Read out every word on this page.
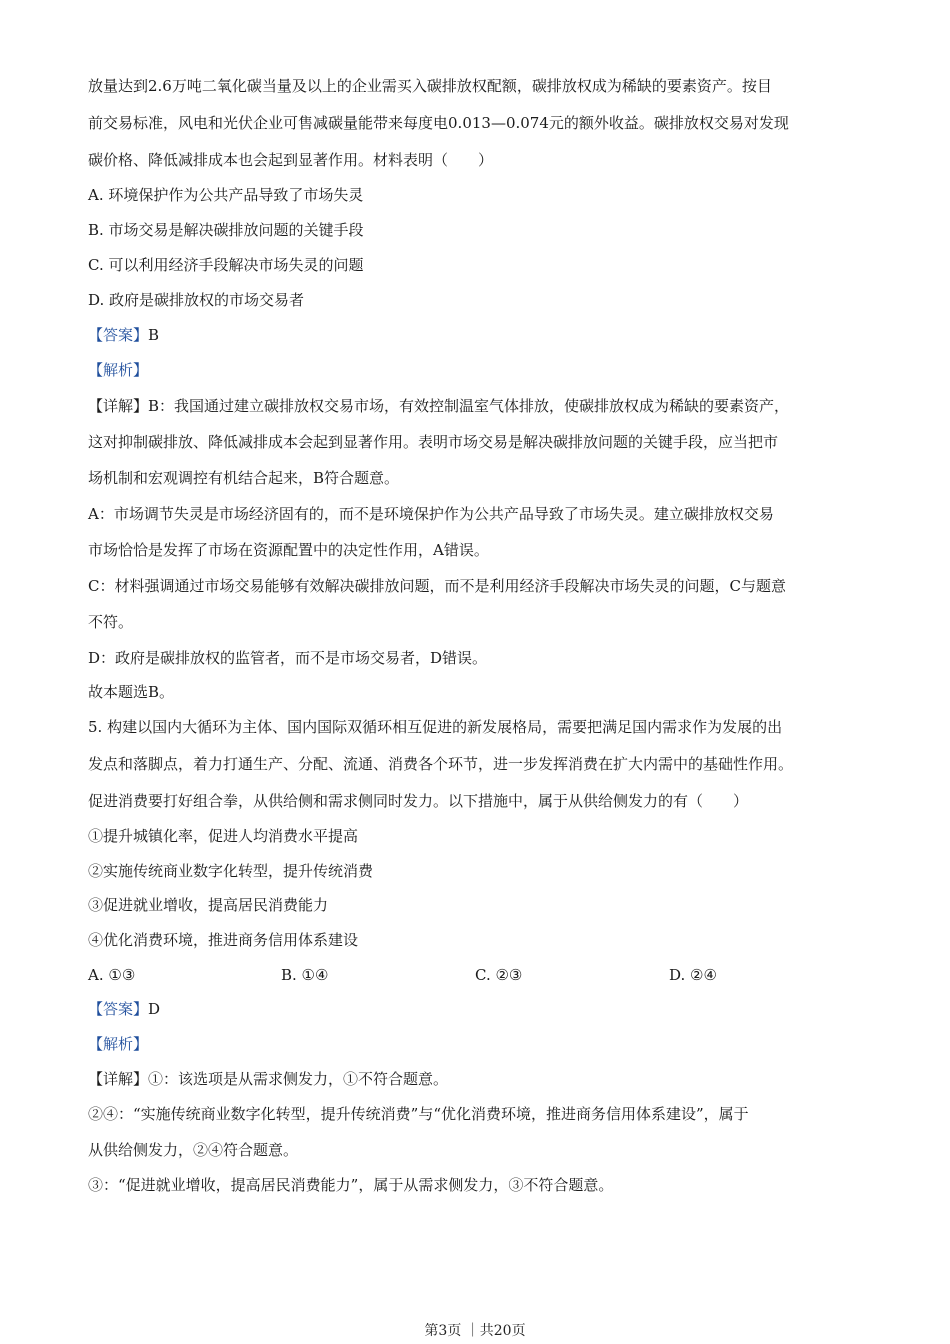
放量达到2.6万吨二氧化碳当量及以上的企业需买入碳排放权配额，碳排放权成为稀缺的要素资产。按目
前交易标准，风电和光伏企业可售减碳量能带来每度电0.013—0.074元的额外收益。碳排放权交易对发现
碳价格、降低减排成本也会起到显著作用。材料表明（　　）
A. 环境保护作为公共产品导致了市场失灵
B. 市场交易是解决碳排放问题的关键手段
C. 可以利用经济手段解决市场失灵的问题
D. 政府是碳排放权的市场交易者
【答案】B
【解析】
【详解】B：我国通过建立碳排放权交易市场，有效控制温室气体排放，使碳排放权成为稀缺的要素资产，
这对抑制碳排放、降低减排成本会起到显著作用。表明市场交易是解决碳排放问题的关键手段，应当把市
场机制和宏观调控有机结合起来，B符合题意。
A：市场调节失灵是市场经济固有的，而不是环境保护作为公共产品导致了市场失灵。建立碳排放权交易
市场恰恰是发挥了市场在资源配置中的决定性作用，A错误。
C：材料强调通过市场交易能够有效解决碳排放问题，而不是利用经济手段解决市场失灵的问题，C与题意
不符。
D：政府是碳排放权的监管者，而不是市场交易者，D错误。
故本题选B。
5. 构建以国内大循环为主体、国内国际双循环相互促进的新发展格局，需要把满足国内需求作为发展的出
发点和落脚点，着力打通生产、分配、流通、消费各个环节，进一步发挥消费在扩大内需中的基础性作用。
促进消费要打好组合拳，从供给侧和需求侧同时发力。以下措施中，属于从供给侧发力的有（　　）
①提升城镇化率，促进人均消费水平提高
②实施传统商业数字化转型，提升传统消费
③促进就业增收，提高居民消费能力
④优化消费环境，推进商务信用体系建设
A. ①③	B. ①④	C. ②③	D. ②④
【答案】D
【解析】
【详解】①：该选项是从需求侧发力，①不符合题意。
②④：“实施传统商业数字化转型，提升传统消费”与“优化消费环境，推进商务信用体系建设”，属于
从供给侧发力，②④符合题意。
③：“促进就业增收，提高居民消费能力”，属于从需求侧发力，③不符合题意。
第3页 ｜共20页
